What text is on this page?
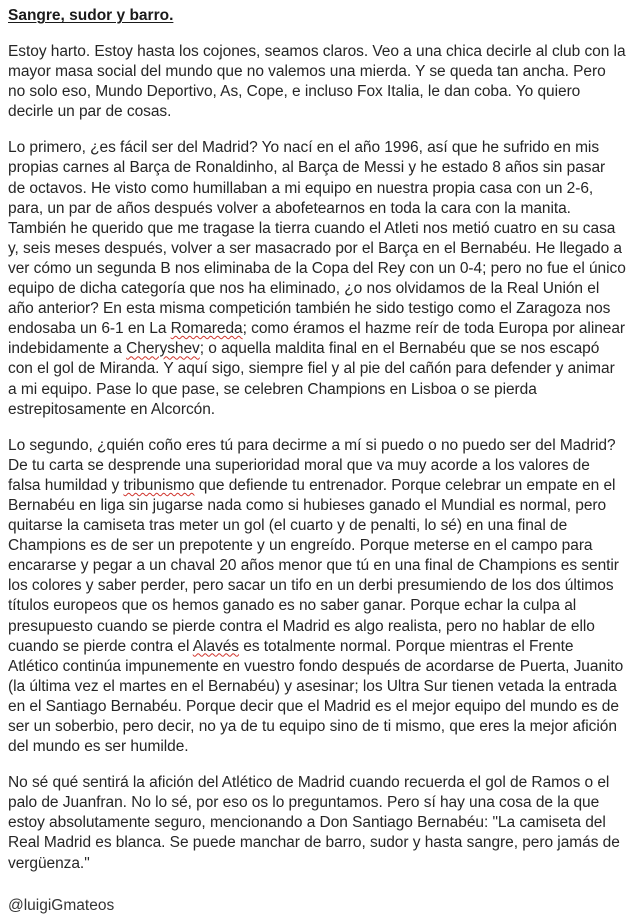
Sangre, sudor y barro.

Estoy harto. Estoy hasta los cojones, seamos claros. Veo a una chica decirle al club con la
mayor masa social del mundo que no valemos una mierda. Y se queda tan ancha. Pero
no solo eso, Mundo Deportivo, As, Cope, e incluso Fox Italia, le dan coba. Yo quiero
decirle un par de cosas.

Lo primero, ¿es fácil ser del Madrid? Yo nací en el año 1996, así que he sufrido en mis
propias carnes al Barça de Ronaldinho, al Barça de Messi y he estado 8 años sin pasar
de octavos. He visto como humillaban a mi equipo en nuestra propia casa con un 2-6,
para, un par de años después volver a abofetearnos en toda la cara con la manita.
También he querido que me tragase la tierra cuando el Atleti nos metió cuatro en su casa
y, seis meses después, volver a ser masacrado por el Barça en el Bernabéu. He llegado a
ver cómo un segunda B nos eliminaba de la Copa del Rey con un 0-4; pero no fue el único
equipo de dicha categoría que nos ha eliminado, ¿o nos olvidamos de la Real Unión el
año anterior? En esta misma competición también he sido testigo como el Zaragoza nos
endosaba un 6-1 en La Romareda; como éramos el hazme reír de toda Europa por alinear
indebidamente a Cheryshev; o aquella maldita final en el Bernabéu que se nos escapó
con el gol de Miranda. Y aquí sigo, siempre fiel y al pie del cañón para defender y animar
a mi equipo. Pase lo que pase, se celebren Champions en Lisboa o se pierda
estrepitosamente en Alcorcón.

Lo segundo, ¿quién coño eres tú para decirme a mí si puedo o no puedo ser del Madrid?
De tu carta se desprende una superioridad moral que va muy acorde a los valores de
falsa humildad y tribunismo que defiende tu entrenador. Porque celebrar un empate en el
Bernabéu en liga sin jugarse nada como si hubieses ganado el Mundial es normal, pero
quitarse la camiseta tras meter un gol (el cuarto y de penalti, lo sé) en una final de
Champions es de ser un prepotente y un engreído. Porque meterse en el campo para
encararse y pegar a un chaval 20 años menor que tú en una final de Champions es sentir
los colores y saber perder, pero sacar un tifo en un derbi presumiendo de los dos últimos
títulos europeos que os hemos ganado es no saber ganar. Porque echar la culpa al
presupuesto cuando se pierde contra el Madrid es algo realista, pero no hablar de ello
cuando se pierde contra el Alavés es totalmente normal. Porque mientras el Frente
Atlético continúa impunemente en vuestro fondo después de acordarse de Puerta, Juanito
(la última vez el martes en el Bernabéu) y asesinar; los Ultra Sur tienen vetada la entrada
en el Santiago Bernabéu. Porque decir que el Madrid es el mejor equipo del mundo es de
ser un soberbio, pero decir, no ya de tu equipo sino de ti mismo, que eres la mejor afición
del mundo es ser humilde.

No sé qué sentirá la afición del Atlético de Madrid cuando recuerda el gol de Ramos o el
palo de Juanfran. No lo sé, por eso os lo preguntamos. Pero sí hay una cosa de la que
estoy absolutamente seguro, mencionando a Don Santiago Bernabéu: "La camiseta del
Real Madrid es blanca. Se puede manchar de barro, sudor y hasta sangre, pero jamás de
vergüenza."

@luigiGmateos
